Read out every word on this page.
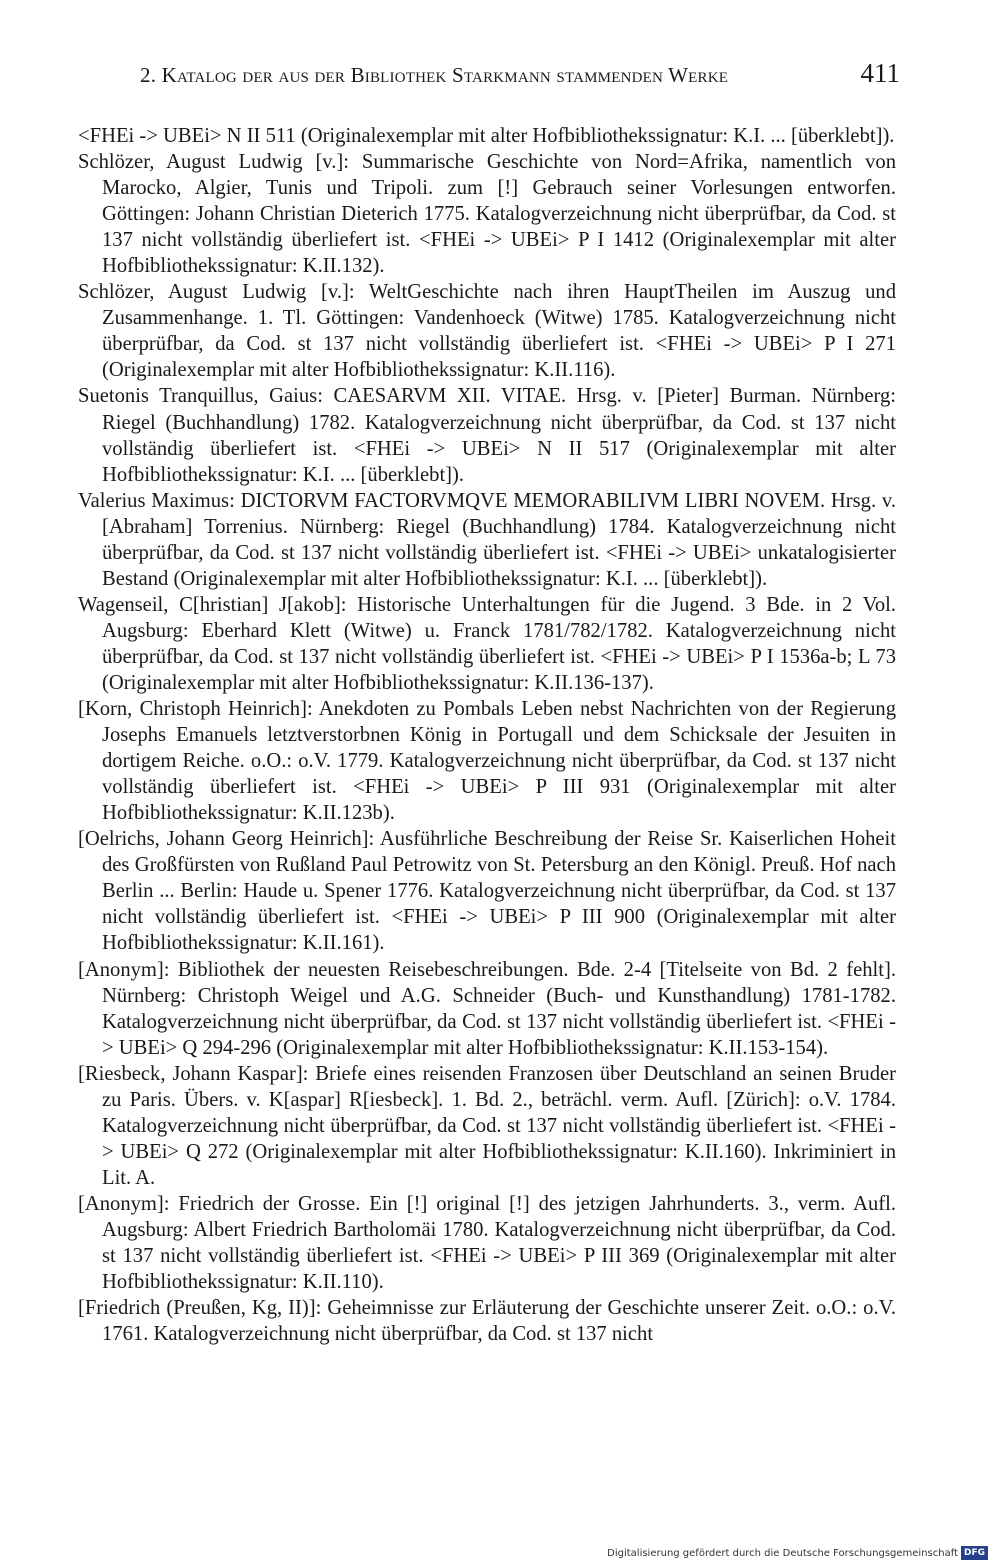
2. Katalog der aus der Bibliothek Starkmann stammenden Werke	411

<FHEi -> UBEi> N II 511 (Originalexemplar mit alter Hofbibliothekssignatur: K.I. ... [überklebt]).

Schlözer, August Ludwig [v.]: Summarische Geschichte von Nord=Afrika, namentlich von Marocko, Algier, Tunis und Tripoli. zum [!] Gebrauch seiner Vorlesungen entworfen. Göttingen: Johann Christian Dieterich 1775. Katalogverzeichnung nicht überprüfbar, da Cod. st 137 nicht vollständig überliefert ist. <FHEi -> UBEi> P I 1412 (Originalexemplar mit alter Hofbibliothekssignatur: K.II.132).

Schlözer, August Ludwig [v.]: WeltGeschichte nach ihren HauptTheilen im Auszug und Zusammenhange. 1. Tl. Göttingen: Vandenhoeck (Witwe) 1785. Katalogverzeichnung nicht überprüfbar, da Cod. st 137 nicht vollständig überliefert ist. <FHEi -> UBEi> P I 271 (Originalexemplar mit alter Hofbibliothekssignatur: K.II.116).

Suetonis Tranquillus, Gaius: CAESARVM XII. VITAE. Hrsg. v. [Pieter] Burman. Nürnberg: Riegel (Buchhandlung) 1782. Katalogverzeichnung nicht überprüfbar, da Cod. st 137 nicht vollständig überliefert ist. <FHEi -> UBEi> N II 517 (Originalexemplar mit alter Hofbibliothekssignatur: K.I. ... [überklebt]).

Valerius Maximus: DICTORVM FACTORVMQVE MEMORABILIVM LIBRI NOVEM. Hrsg. v. [Abraham] Torrenius. Nürnberg: Riegel (Buchhandlung) 1784. Katalogverzeichnung nicht überprüfbar, da Cod. st 137 nicht vollständig überliefert ist. <FHEi -> UBEi> unkatalogisierter Bestand (Originalexemplar mit alter Hofbibliothekssignatur: K.I. ... [überklebt]).

Wagenseil, C[hristian] J[akob]: Historische Unterhaltungen für die Jugend. 3 Bde. in 2 Vol. Augsburg: Eberhard Klett (Witwe) u. Franck 1781/782/1782. Katalogverzeichnung nicht überprüfbar, da Cod. st 137 nicht vollständig überliefert ist. <FHEi -> UBEi> P I 1536a-b; L 73 (Originalexemplar mit alter Hofbibliothekssignatur: K.II.136-137).

[Korn, Christoph Heinrich]: Anekdoten zu Pombals Leben nebst Nachrichten von der Regierung Josephs Emanuels letztverstorbnen König in Portugall und dem Schicksale der Jesuiten in dortigem Reiche. o.O.: o.V. 1779. Katalogverzeichnung nicht überprüfbar, da Cod. st 137 nicht vollständig überliefert ist. <FHEi -> UBEi> P III 931 (Originalexemplar mit alter Hofbibliothekssignatur: K.II.123b).

[Oelrichs, Johann Georg Heinrich]: Ausführliche Beschreibung der Reise Sr. Kaiserlichen Hoheit des Großfürsten von Rußland Paul Petrowitz von St. Petersburg an den Königl. Preuß. Hof nach Berlin ... Berlin: Haude u. Spener 1776. Katalogverzeichnung nicht überprüfbar, da Cod. st 137 nicht vollständig überliefert ist. <FHEi -> UBEi> P III 900 (Originalexemplar mit alter Hofbibliothekssignatur: K.II.161).

[Anonym]: Bibliothek der neuesten Reisebeschreibungen. Bde. 2-4 [Titelseite von Bd. 2 fehlt]. Nürnberg: Christoph Weigel und A.G. Schneider (Buch- und Kunsthandlung) 1781-1782. Katalogverzeichnung nicht überprüfbar, da Cod. st 137 nicht vollständig überliefert ist. <FHEi -> UBEi> Q 294-296 (Originalexemplar mit alter Hofbibliothekssignatur: K.II.153-154).

[Riesbeck, Johann Kaspar]: Briefe eines reisenden Franzosen über Deutschland an seinen Bruder zu Paris. Übers. v. K[aspar] R[iesbeck]. 1. Bd. 2., beträchl. verm. Aufl. [Zürich]: o.V. 1784. Katalogverzeichnung nicht überprüfbar, da Cod. st 137 nicht vollständig überliefert ist. <FHEi -> UBEi> Q 272 (Originalexemplar mit alter Hofbibliothekssignatur: K.II.160). Inkriminiert in Lit. A.

[Anonym]: Friedrich der Grosse. Ein [!] original [!] des jetzigen Jahrhunderts. 3., verm. Aufl. Augsburg: Albert Friedrich Bartholomäi 1780. Katalogverzeichnung nicht überprüfbar, da Cod. st 137 nicht vollständig überliefert ist. <FHEi -> UBEi> P III 369 (Originalexemplar mit alter Hofbibliothekssignatur: K.II.110).

[Friedrich (Preußen, Kg, II)]: Geheimnisse zur Erläuterung der Geschichte unserer Zeit. o.O.: o.V. 1761. Katalogverzeichnung nicht überprüfbar, da Cod. st 137 nicht

Digitalisierung gefördert durch die Deutsche Forschungsgemeinschaft DFG
